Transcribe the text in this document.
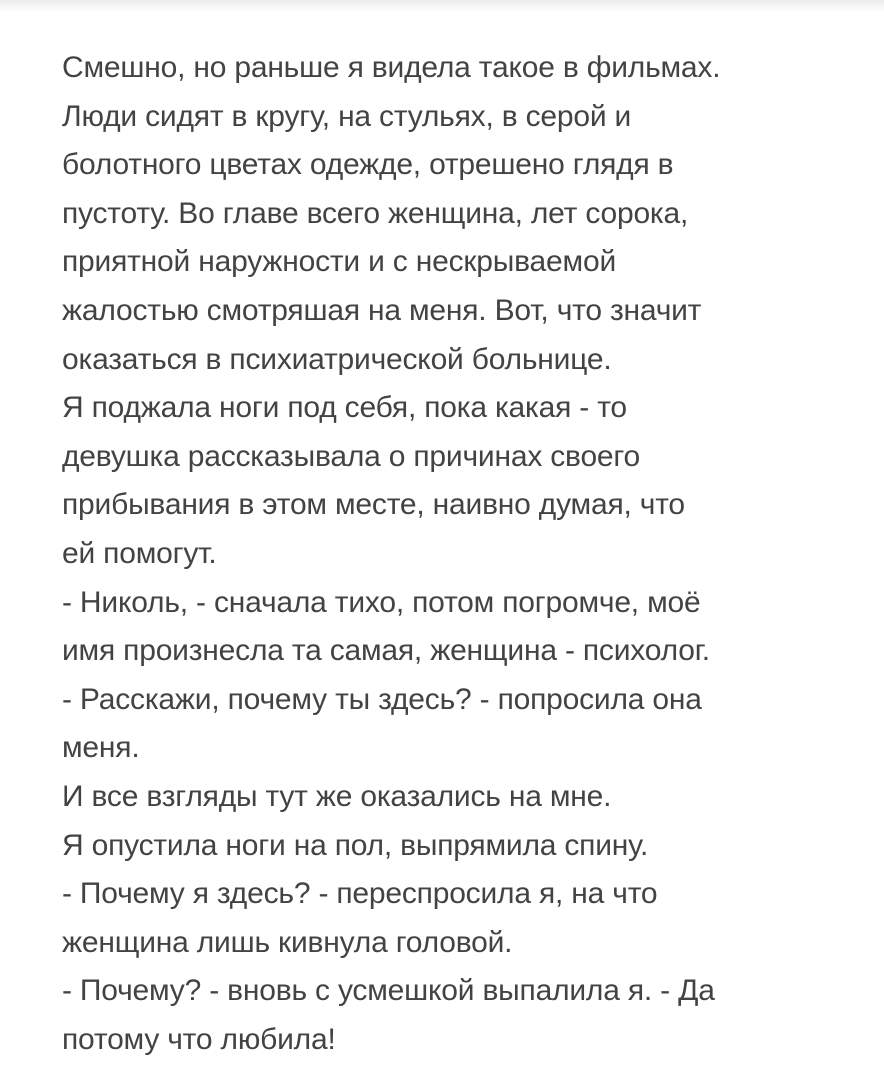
Смешно, но раньше я видела такое в фильмах.
Люди сидят в кругу, на стульях, в серой и
болотного цветах одежде, отрешено глядя в
пустоту. Во главе всего женщина, лет сорока,
приятной наружности и с нескрываемой
жалостью смотряшая на меня. Вот, что значит
оказаться в психиатрической больнице.
Я поджала ноги под себя, пока какая - то
девушка рассказывала о причинах своего
прибывания в этом месте, наивно думая, что
ей помогут.
- Николь, - сначала тихо, потом погромче, моё
имя произнесла та самая, женщина - психолог.
- Расскажи, почему ты здесь? - попросила она
меня.
И все взгляды тут же оказались на мне.
Я опустила ноги на пол, выпрямила спину.
- Почему я здесь? - переспросила я, на что
женщина лишь кивнула головой.
- Почему? - вновь с усмешкой выпалила я. - Да
потому что любила!
